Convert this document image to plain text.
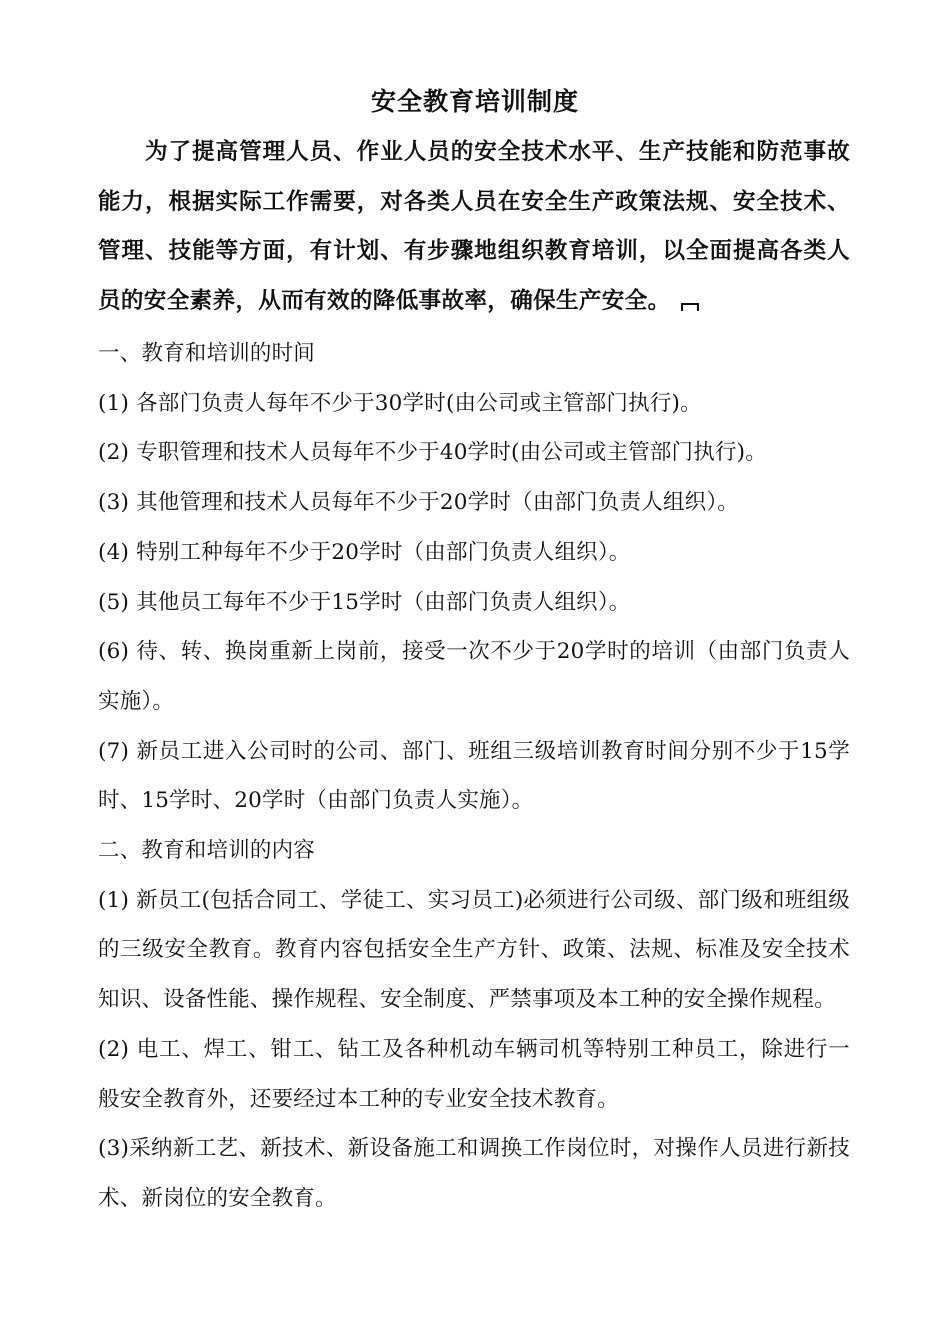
安全教育培训制度
为了提高管理人员、作业人员的安全技术水平、生产技能和防范事故能力，根据实际工作需要，对各类人员在安全生产政策法规、安全技术、管理、技能等方面，有计划、有步骤地组织教育培训，以全面提高各类人员的安全素养，从而有效的降低事故率，确保生产安全。

一、教育和培训的时间

(1) 各部门负责人每年不少于30学时(由公司或主管部门执行)。

(2) 专职管理和技术人员每年不少于40学时(由公司或主管部门执行)。

(3) 其他管理和技术人员每年不少于20学时（由部门负责人组织）。

(4) 特别工种每年不少于20学时（由部门负责人组织）。

(5) 其他员工每年不少于15学时（由部门负责人组织）。

(6) 待、转、换岗重新上岗前，接受一次不少于20学时的培训（由部门负责人实施）。

(7) 新员工进入公司时的公司、部门、班组三级培训教育时间分别不少于15学时、15学时、20学时（由部门负责人实施）。

二、教育和培训的内容

(1) 新员工(包括合同工、学徒工、实习员工)必须进行公司级、部门级和班组级的三级安全教育。教育内容包括安全生产方针、政策、法规、标准及安全技术知识、设备性能、操作规程、安全制度、严禁事项及本工种的安全操作规程。

(2) 电工、焊工、钳工、钻工及各种机动车辆司机等特别工种员工，除进行一般安全教育外，还要经过本工种的专业安全技术教育。

(3)采纳新工艺、新技术、新设备施工和调换工作岗位时，对操作人员进行新技术、新岗位的安全教育。
